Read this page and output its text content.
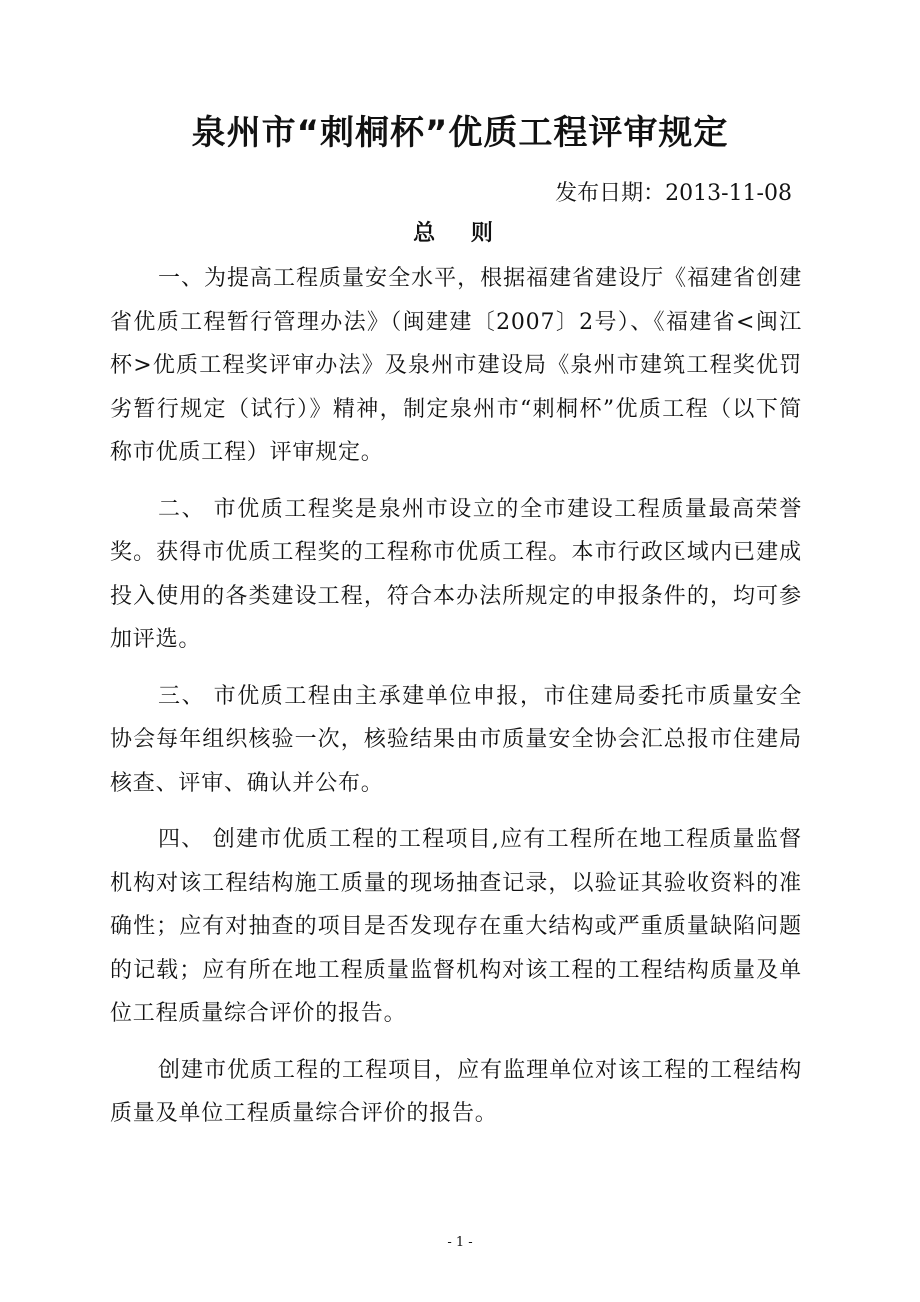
泉州市“刺桐杯”优质工程评审规定
发布日期：2013-11-08
总 则

一、为提高工程质量安全水平，根据福建省建设厅《福建省创建省优质工程暂行管理办法》（闽建建〔2007〕2号）、《福建省<闽江杯>优质工程奖评审办法》及泉州市建设局《泉州市建筑工程奖优罚劣暂行规定（试行）》精神，制定泉州市“刺桐杯”优质工程（以下简称市优质工程）评审规定。

二、 市优质工程奖是泉州市设立的全市建设工程质量最高荣誉奖。获得市优质工程奖的工程称市优质工程。本市行政区域内已建成投入使用的各类建设工程，符合本办法所规定的申报条件的，均可参加评选。

三、 市优质工程由主承建单位申报，市住建局委托市质量安全协会每年组织核验一次，核验结果由市质量安全协会汇总报市住建局核查、评审、确认并公布。

四、 创建市优质工程的工程项目,应有工程所在地工程质量监督机构对该工程结构施工质量的现场抽查记录，以验证其验收资料的准确性；应有对抽查的项目是否发现存在重大结构或严重质量缺陷问题的记载；应有所在地工程质量监督机构对该工程的工程结构质量及单位工程质量综合评价的报告。

创建市优质工程的工程项目，应有监理单位对该工程的工程结构质量及单位工程质量综合评价的报告。

- 1 -
